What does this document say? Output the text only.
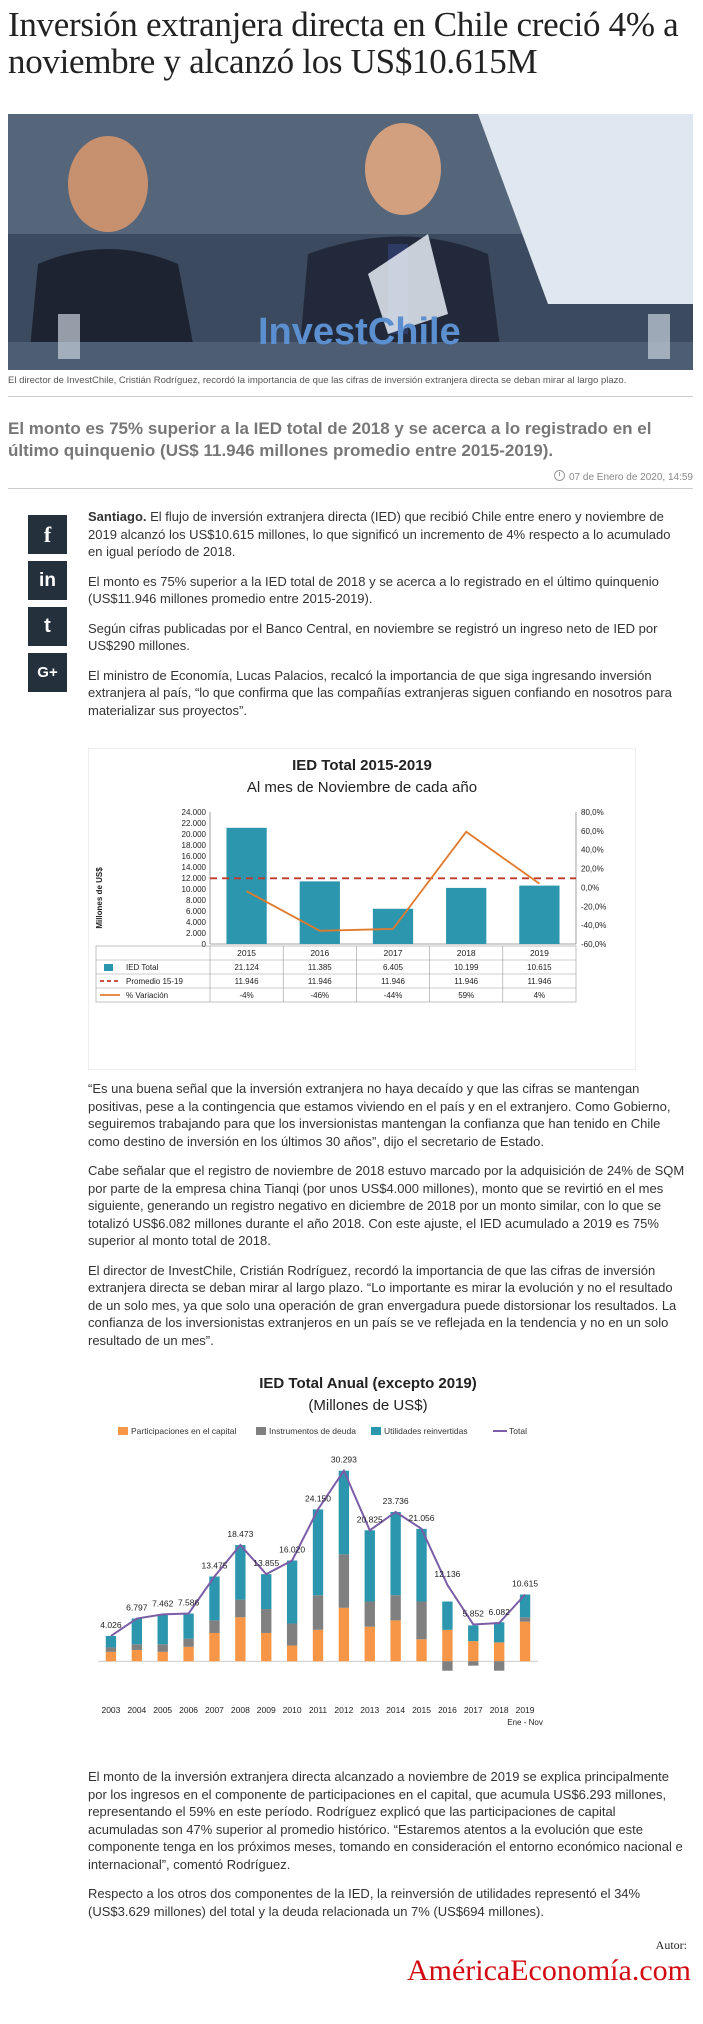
Inversión extranjera directa en Chile creció 4% a noviembre y alcanzó los US$10.615M
InvestChile
El director de InvestChile, Cristián Rodríguez, recordó la importancia de que las cifras de inversión extranjera directa se deban mirar al largo plazo.
El monto es 75% superior a la IED total de 2018 y se acerca a lo registrado en el último quinquenio (US$ 11.946 millones promedio entre 2015-2019).
07 de Enero de 2020, 14:59
f
in
t
G+

Santiago. El flujo de inversión extranjera directa (IED) que recibió Chile entre enero y noviembre de 2019 alcanzó los US$10.615 millones, lo que significó un incremento de 4% respecto a lo acumulado en igual período de 2018.

El monto es 75% superior a la IED total de 2018 y se acerca a lo registrado en el último quinquenio (US$11.946 millones promedio entre 2015-2019).

Según cifras publicadas por el Banco Central, en noviembre se registró un ingreso neto de IED por US$290 millones.

El ministro de Economía, Lucas Palacios, recalcó la importancia de que siga ingresando inversión extranjera al país, “lo que confirma que las compañías extranjeras siguen confiando en nosotros para materializar sus proyectos”.

IED Total 2015-2019
Al mes de Noviembre de cada año
Millones de US$
24.000
22.000
20.000
18.000
16.000
14.000
12.000
10.000
8.000
6.000
4.000
2.000
0
80,0%
60,0%
40,0%
20,0%
0,0%
-20,0%
-40,0%
-60,0%
2015	2016	2017	2018	2019
IED Total	21.124	11.385	6.405	10.199	10.615
Promedio 15-19	11.946	11.946	11.946	11.946	11.946
% Variación	-4%	-46%	-44%	59%	4%

“Es una buena señal que la inversión extranjera no haya decaído y que las cifras se mantengan positivas, pese a la contingencia que estamos viviendo en el país y en el extranjero. Como Gobierno, seguiremos trabajando para que los inversionistas mantengan la confianza que han tenido en Chile como destino de inversión en los últimos 30 años”, dijo el secretario de Estado.

Cabe señalar que el registro de noviembre de 2018 estuvo marcado por la adquisición de 24% de SQM por parte de la empresa china Tianqi (por unos US$4.000 millones), monto que se revirtió en el mes siguiente, generando un registro negativo en diciembre de 2018 por un monto similar, con lo que se totalizó US$6.082 millones durante el año 2018. Con este ajuste, el IED acumulado a 2019 es 75% superior al monto total de 2018.

El director de InvestChile, Cristián Rodríguez, recordó la importancia de que las cifras de inversión extranjera directa se deban mirar al largo plazo. “Lo importante es mirar la evolución y no el resultado de un solo mes, ya que solo una operación de gran envergadura puede distorsionar los resultados. La confianza de los inversionistas extranjeros en un país se ve reflejada en la tendencia y no en un solo resultado de un mes”.

IED Total Anual (excepto 2019)
(Millones de US$)
Participaciones en el capital	Instrumentos de deuda	Utilidades reinvertidas	Total
4.026
6.797 7.462 7.586
13.475
18.473
13.855
16.020
24.150
30.293
20.825
23.736
21.056
12.136
5.852 6.082
10.615
2003 2004 2005 2006 2007 2008 2009 2010 2011 2012 2013 2014 2015 2016 2017 2018 2019
Ene - Nov

El monto de la inversión extranjera directa alcanzado a noviembre de 2019 se explica principalmente por los ingresos en el componente de participaciones en el capital, que acumula US$6.293 millones, representando el 59% en este período. Rodríguez explicó que las participaciones de capital acumuladas son 47% superior al promedio histórico. “Estaremos atentos a la evolución que este componente tenga en los próximos meses, tomando en consideración el entorno económico nacional e internacional”, comentó Rodríguez.

Respecto a los otros dos componentes de la IED, la reinversión de utilidades representó el 34% (US$3.629 millones) del total y la deuda relacionada un 7% (US$694 millones).

Autor:
AméricaEconomía.com
